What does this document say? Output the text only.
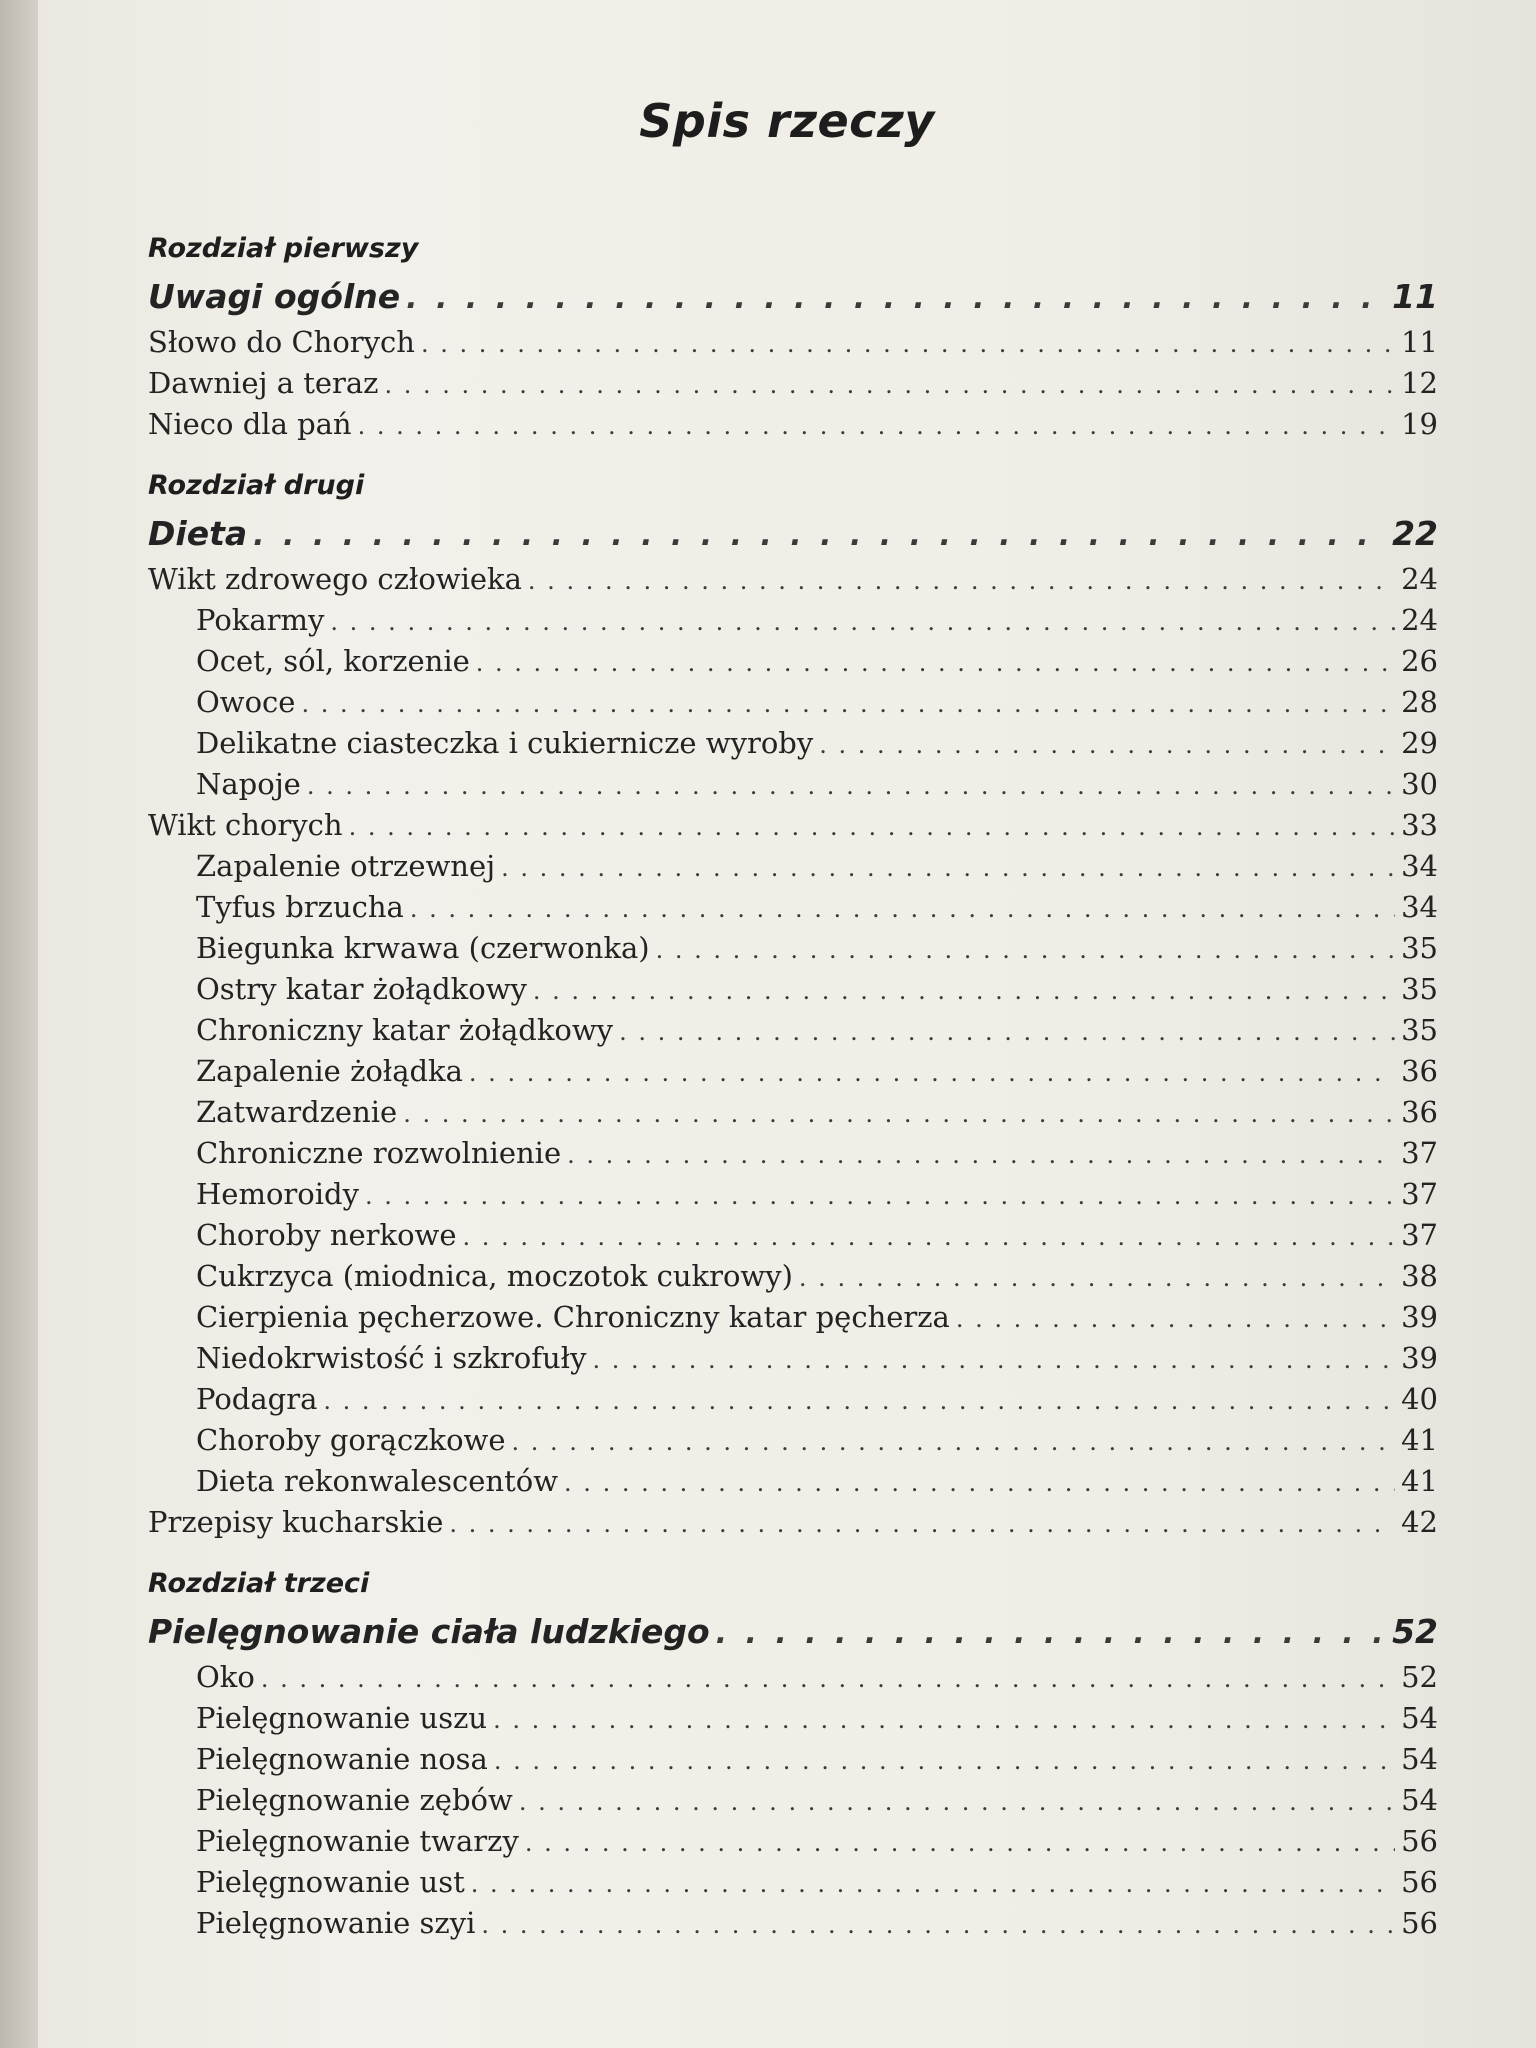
Spis rzeczy
Rozdział pierwszy
Uwagi ogólne . . .	11
Słowo do Chorych . . .	11
Dawniej a teraz . . .	12
Nieco dla pań . . .	19
Rozdział drugi
Dieta . . .	22
Wikt zdrowego człowieka . . .	24
Pokarmy . . .	24
Ocet, sól, korzenie . . .	26
Owoce . . .	28
Delikatne ciasteczka i cukiernicze wyroby . . .	29
Napoje . . .	30
Wikt chorych . . .	33
Zapalenie otrzewnej . . .	34
Tyfus brzucha . . .	34
Biegunka krwawa (czerwonka) . . .	35
Ostry katar żołądkowy . . .	35
Chroniczny katar żołądkowy . . .	35
Zapalenie żołądka . . .	36
Zatwardzenie . . .	36
Chroniczne rozwolnienie . . .	37
Hemoroidy . . .	37
Choroby nerkowe . . .	37
Cukrzyca (miodnica, moczotok cukrowy) . . .	38
Cierpienia pęcherzowe. Chroniczny katar pęcherza . . .	39
Niedokrwistość i szkrofuły . . .	39
Podagra . . .	40
Choroby gorączkowe . . .	41
Dieta rekonwalescentów . . .	41
Przepisy kucharskie . . .	42
Rozdział trzeci
Pielęgnowanie ciała ludzkiego . . .	52
Oko . . .	52
Pielęgnowanie uszu . . .	54
Pielęgnowanie nosa . . .	54
Pielęgnowanie zębów . . .	54
Pielęgnowanie twarzy . . .	56
Pielęgnowanie ust . . .	56
Pielęgnowanie szyi . . .	56
